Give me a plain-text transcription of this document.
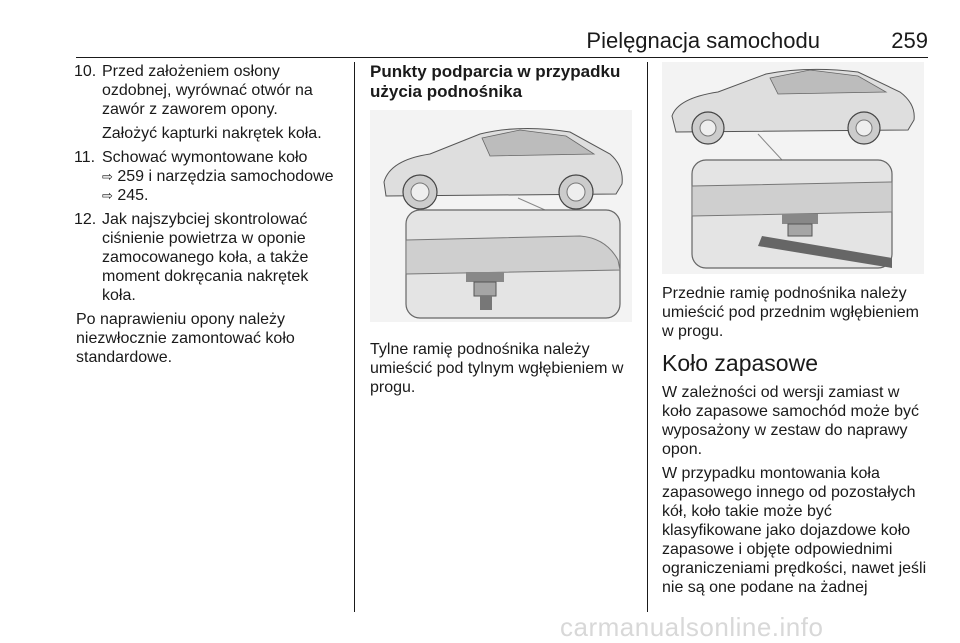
Pielęgnacja samochodu	259
10. Przed założeniem osłony ozdobnej, wyrównać otwór na zawór z zaworem opony.
Założyć kapturki nakrętek koła.
11. Schować wymontowane koło
⇨ 259 i narzędzia samochodowe
⇨ 245.
12. Jak najszybciej skontrolować ciśnienie powietrza w oponie zamocowanego koła, a także moment dokręcania nakrętek koła.

Po naprawieniu opony należy niezwłocznie zamontować koło standardowe.

Punkty podparcia w przypadku użycia podnośnika

Tylne ramię podnośnika należy umieścić pod tylnym wgłębieniem w progu.

Przednie ramię podnośnika należy umieścić pod przednim wgłębieniem w progu.

Koło zapasowe

W zależności od wersji zamiast w koło zapasowe samochód może być wyposażony w zestaw do naprawy opon.

W przypadku montowania koła zapasowego innego od pozostałych kół, koło takie może być klasyfikowane jako dojazdowe koło zapasowe i objęte odpowiednimi ograniczeniami prędkości, nawet jeśli nie są one podane na żadnej

carmanualsonline.info
